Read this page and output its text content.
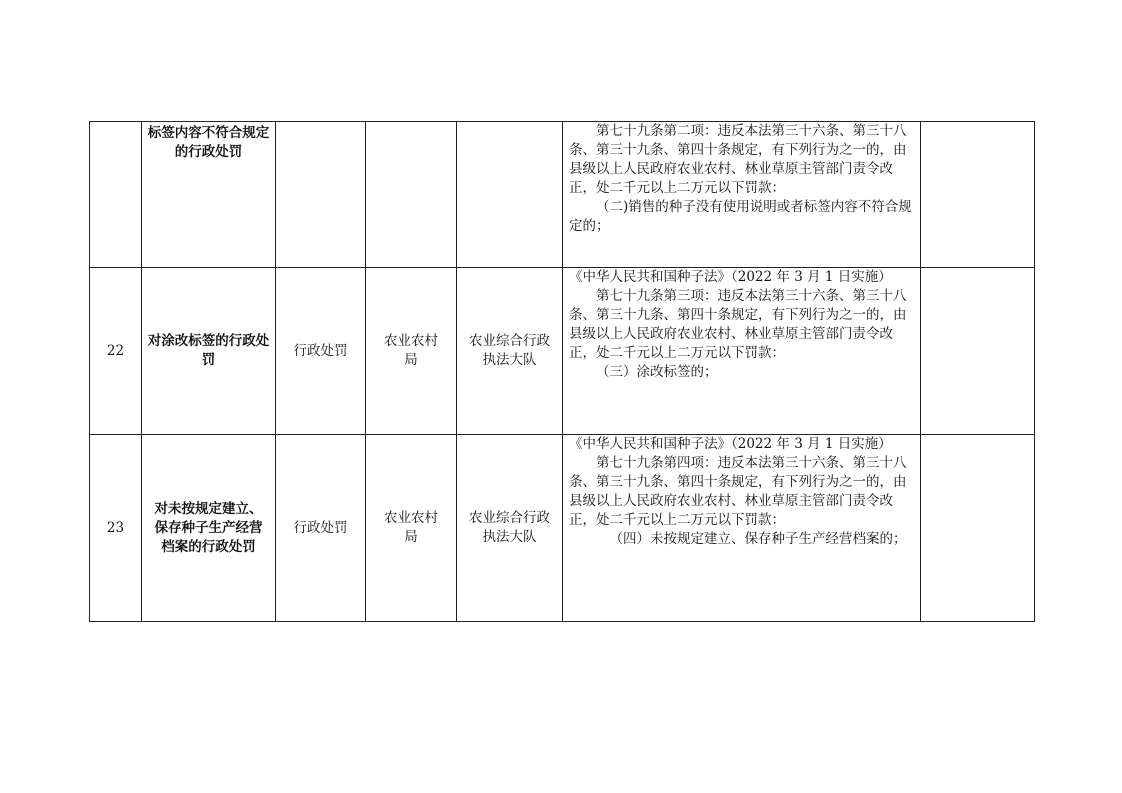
	标签内容不符合规定的行政处罚				第七十九条第二项：违反本法第三十六条、第三十八条、第三十九条、第四十条规定，有下列行为之一的，由县级以上人民政府农业农村、林业草原主管部门责令改正，处二千元以上二万元以下罚款：
（二)销售的种子没有使用说明或者标签内容不符合规定的；	

22	对涂改标签的行政处罚	行政处罚	农业农村局	农业综合行政执法大队	《中华人民共和国种子法》（2022 年 3 月 1 日实施）
第七十九条第三项：违反本法第三十六条、第三十八条、第三十九条、第四十条规定，有下列行为之一的，由县级以上人民政府农业农村、林业草原主管部门责令改正，处二千元以上二万元以下罚款：
（三）涂改标签的；	

23	对未按规定建立、保存种子生产经营档案的行政处罚	行政处罚	农业农村局	农业综合行政执法大队	《中华人民共和国种子法》（2022 年 3 月 1 日实施）
第七十九条第四项：违反本法第三十六条、第三十八条、第三十九条、第四十条规定，有下列行为之一的，由县级以上人民政府农业农村、林业草原主管部门责令改正，处二千元以上二万元以下罚款：
（四）未按规定建立、保存种子生产经营档案的；	
